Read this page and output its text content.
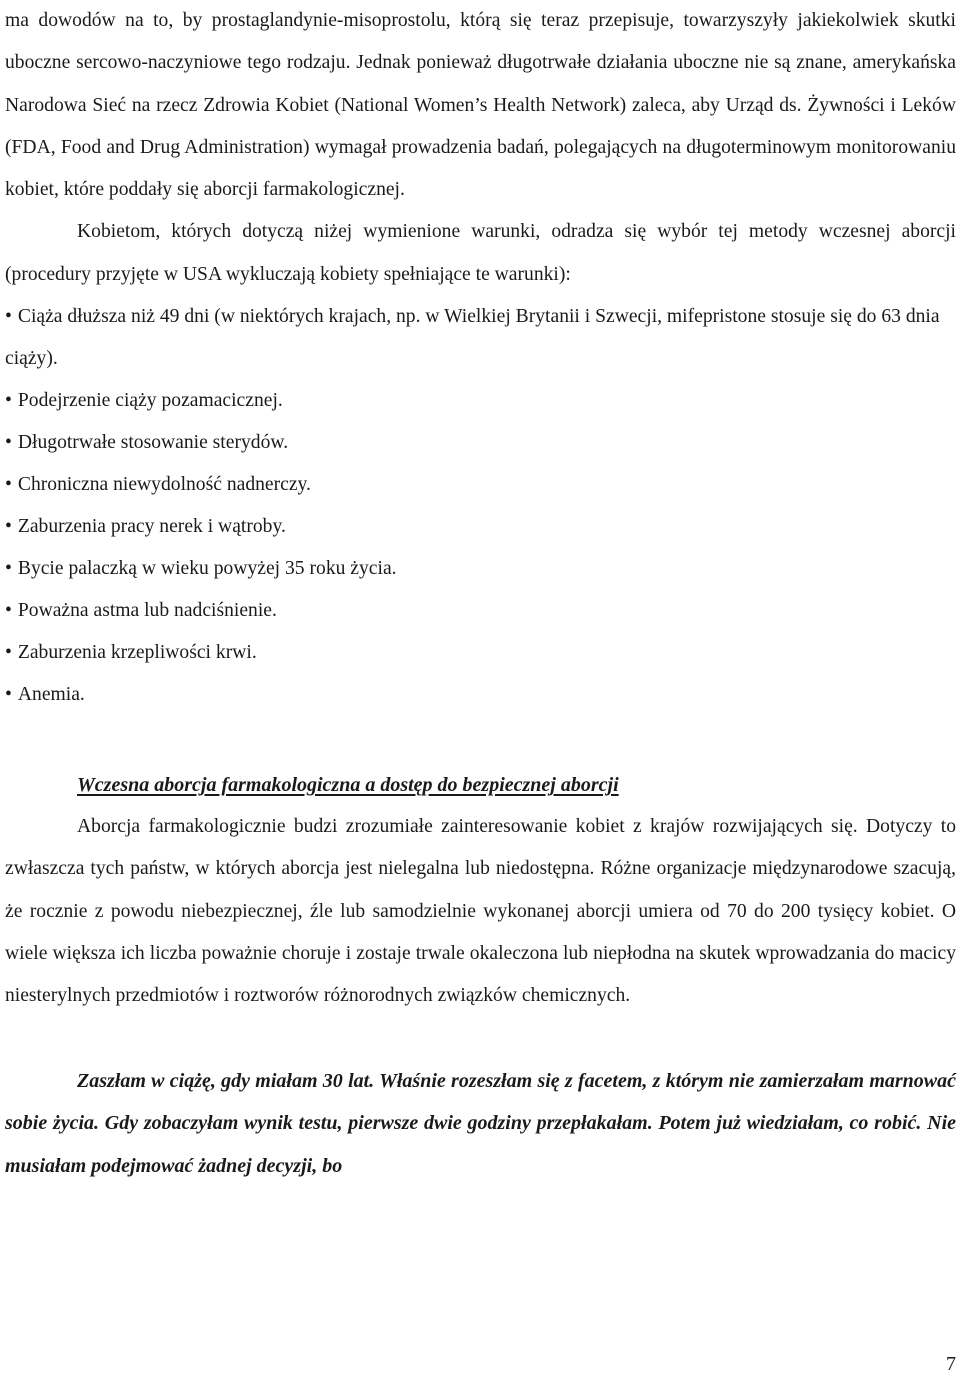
ma dowodów na to, by prostaglandynie-misoprostolu, którą się teraz przepisuje, towarzyszyły jakiekolwiek skutki uboczne sercowo-naczyniowe tego rodzaju. Jednak ponieważ długotrwałe działania uboczne nie są znane, amerykańska Narodowa Sieć na rzecz Zdrowia Kobiet (National Women’s Health Network) zaleca, aby Urząd ds. Żywności i Leków (FDA, Food and Drug Administration) wymagał prowadzenia badań, polegających na długoterminowym monitorowaniu kobiet, które poddały się aborcji farmakologicznej.

Kobietom, których dotyczą niżej wymienione warunki, odradza się wybór tej metody wczesnej aborcji (procedury przyjęte w USA wykluczają kobiety spełniające te warunki):

• Ciąża dłuższa niż 49 dni (w niektórych krajach, np. w Wielkiej Brytanii i Szwecji, mifepristone stosuje się do 63 dnia ciąży).
• Podejrzenie ciąży pozamacicznej.
• Długotrwałe stosowanie sterydów.
• Chroniczna niewydolność nadnerczy.
• Zaburzenia pracy nerek i wątroby.
• Bycie palaczką w wieku powyżej 35 roku życia.
• Poważna astma lub nadciśnienie.
• Zaburzenia krzepliwości krwi.
• Anemia.

Wczesna aborcja farmakologiczna a dostęp do bezpiecznej aborcji

Aborcja farmakologicznie budzi zrozumiałe zainteresowanie kobiet z krajów rozwijających się. Dotyczy to zwłaszcza tych państw, w których aborcja jest nielegalna lub niedostępna. Różne organizacje międzynarodowe szacują, że rocznie z powodu niebezpiecznej, źle lub samodzielnie wykonanej aborcji umiera od 70 do 200 tysięcy kobiet. O wiele większa ich liczba poważnie choruje i zostaje trwale okaleczona lub niepłodna na skutek wprowadzania do macicy niesterylnych przedmiotów i roztworów różnorodnych związków chemicznych.

Zaszłam w ciążę, gdy miałam 30 lat. Właśnie rozeszłam się z facetem, z którym nie zamierzałam marnować sobie życia. Gdy zobaczyłam wynik testu, pierwsze dwie godziny przepłakałam. Potem już wiedziałam, co robić. Nie musiałam podejmować żadnej decyzji, bo

7
